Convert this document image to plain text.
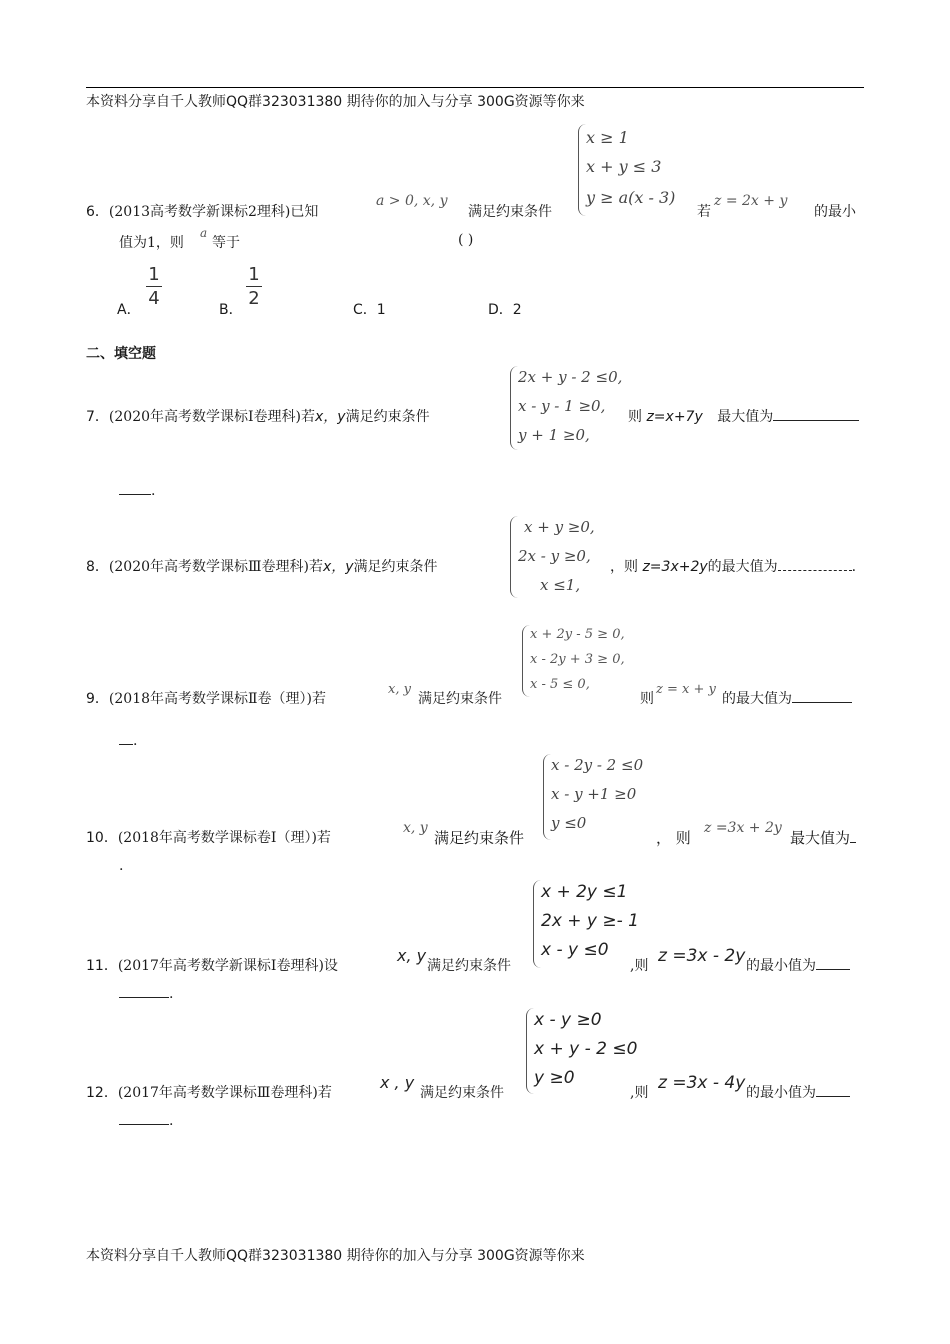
本资料分享自千人教师QQ群323031380 期待你的加入与分享 300G资源等你来
x ≥ 1
x + y ≤ 3
y ≥ a(x - 3)
6．(2013高考数学新课标2理科)已知
a > 0, x, y
满足约束条件	若
z = 2x + y
的最小
值为1，则
a
等于	( )
A．
1
4
B．
1
2
C．1	D．2
二、填空题
2x + y - 2 ≤0,
x - y - 1 ≥0,
y + 1 ≥0,
7．(2020年高考数学课标Ⅰ卷理科)若x，y满足约束条件	则 z=x+7y 最大值为
.
x + y ≥0,
2x - y ≥0,
x ≤1,
8．(2020年高考数学课标Ⅲ卷理科)若x，y满足约束条件	，则 z=3x+2y的最大值为	.
x + 2y - 5 ≥ 0,
x - 2y + 3 ≥ 0,
x - 5 ≤ 0,
9．(2018年高考数学课标Ⅱ卷（理）)若
x, y
满足约束条件	则
z = x + y
的最大值为
.
x - 2y - 2 ≤0
x - y +1 ≥0
y ≤0
10．(2018年高考数学课标卷Ⅰ（理）)若
x, y
满足约束条件	， 则
z =3x + 2y
最大值为
.
x + 2y ≤1
2x + y ≥- 1
x - y ≤0
11．(2017年高考数学新课标Ⅰ卷理科)设
x, y
满足约束条件	,则 z =3x - 2y 的最小值为
.
x - y ≥0
x + y - 2 ≤0
y ≥0
12．(2017年高考数学课标Ⅲ卷理科)若
x , y
满足约束条件	,则 z =3x - 4y 的最小值为
.
本资料分享自千人教师QQ群323031380 期待你的加入与分享 300G资源等你来
